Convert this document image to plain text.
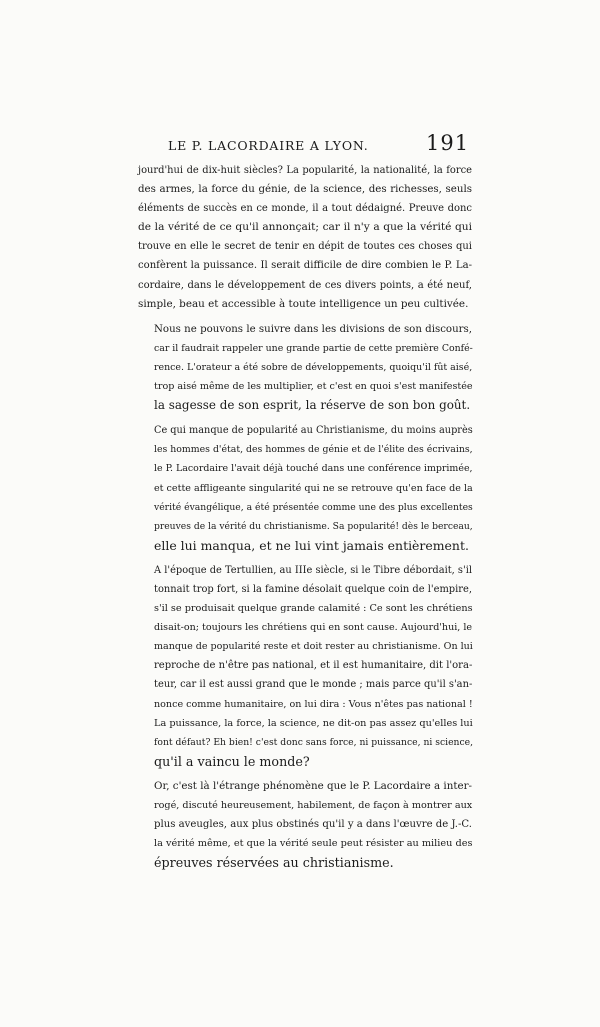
LE P. LACORDAIRE A LYON.	191

jourd'hui de dix-huit siècles? La popularité, la nationalité, la force
des armes, la force du génie, de la science, des richesses, seuls
éléments de succès en ce monde, il a tout dédaigné. Preuve donc
de la vérité de ce qu'il annonçait; car il n'y a que la vérité qui
trouve en elle le secret de tenir en dépit de toutes ces choses qui
confèrent la puissance. Il serait difficile de dire combien le P. La-
cordaire, dans le développement de ces divers points, a été neuf,
simple, beau et accessible à toute intelligence un peu cultivée.

Nous ne pouvons le suivre dans les divisions de son discours,
car il faudrait rappeler une grande partie de cette première Confé-
rence. L'orateur a été sobre de développements, quoiqu'il fût aisé,
trop aisé même de les multiplier, et c'est en quoi s'est manifestée
la sagesse de son esprit, la réserve de son bon goût.

Ce qui manque de popularité au Christianisme, du moins auprès
les hommes d'état, des hommes de génie et de l'élite des écrivains,
le P. Lacordaire l'avait déjà touché dans une conférence imprimée,
et cette affligeante singularité qui ne se retrouve qu'en face de la
vérité évangélique, a été présentée comme une des plus excellentes
preuves de la vérité du christianisme. Sa popularité! dès le berceau,
elle lui manqua, et ne lui vint jamais entièrement.

A l'époque de Tertullien, au IIIe siècle, si le Tibre débordait, s'il
tonnait trop fort, si la famine désolait quelque coin de l'empire,
s'il se produisait quelque grande calamité : Ce sont les chrétiens
disait-on; toujours les chrétiens qui en sont cause. Aujourd'hui, le
manque de popularité reste et doit rester au christianisme. On lui
reproche de n'être pas national, et il est humanitaire, dit l'ora-
teur, car il est aussi grand que le monde ; mais parce qu'il s'an-
nonce comme humanitaire, on lui dira : Vous n'êtes pas national !
La puissance, la force, la science, ne dit-on pas assez qu'elles lui
font défaut? Eh bien! c'est donc sans force, ni puissance, ni science,
qu'il a vaincu le monde?

Or, c'est là l'étrange phénomène que le P. Lacordaire a inter-
rogé, discuté heureusement, habilement, de façon à montrer aux
plus aveugles, aux plus obstinés qu'il y a dans l'œuvre de J.-C.
la vérité même, et que la vérité seule peut résister au milieu des
épreuves réservées au christianisme.
